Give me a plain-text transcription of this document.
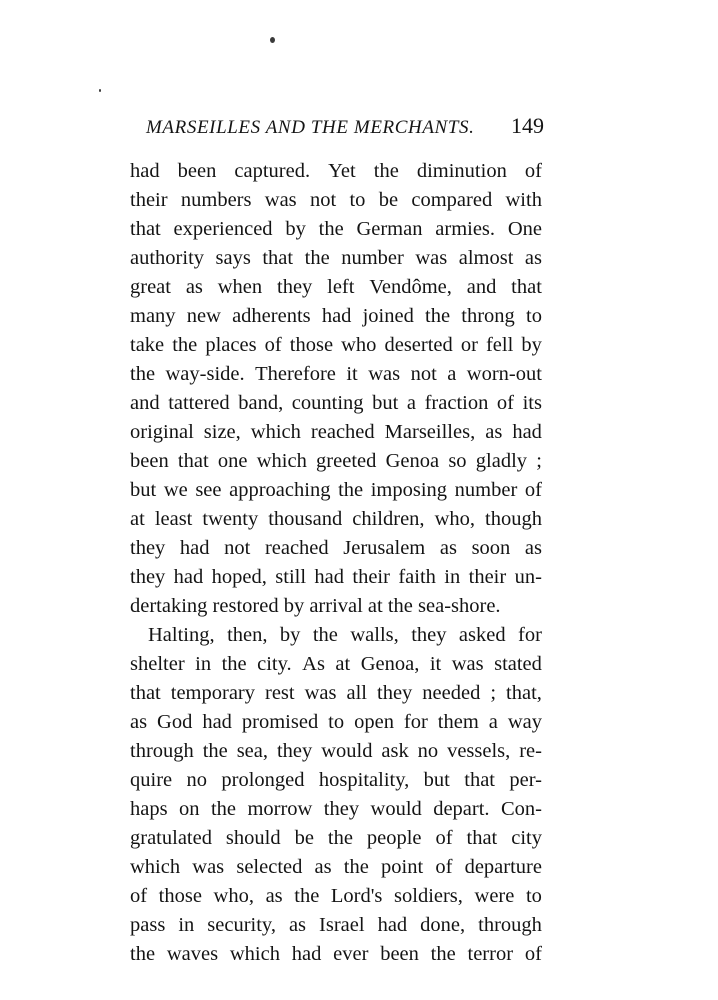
MARSEILLES AND THE MERCHANTS. 149
had been captured. Yet the diminution of
their numbers was not to be compared with
that experienced by the German armies. One
authority says that the number was almost as
great as when they left Vendôme, and that
many new adherents had joined the throng to
take the places of those who deserted or fell by
the way-side. Therefore it was not a worn-out
and tattered band, counting but a fraction of its
original size, which reached Marseilles, as had
been that one which greeted Genoa so gladly ;
but we see approaching the imposing number of
at least twenty thousand children, who, though
they had not reached Jerusalem as soon as
they had hoped, still had their faith in their un-
dertaking restored by arrival at the sea-shore.
Halting, then, by the walls, they asked for
shelter in the city. As at Genoa, it was stated
that temporary rest was all they needed ; that,
as God had promised to open for them a way
through the sea, they would ask no vessels, re-
quire no prolonged hospitality, but that per-
haps on the morrow they would depart. Con-
gratulated should be the people of that city
which was selected as the point of departure
of those who, as the Lord's soldiers, were to
pass in security, as Israel had done, through
the waves which had ever been the terror of
